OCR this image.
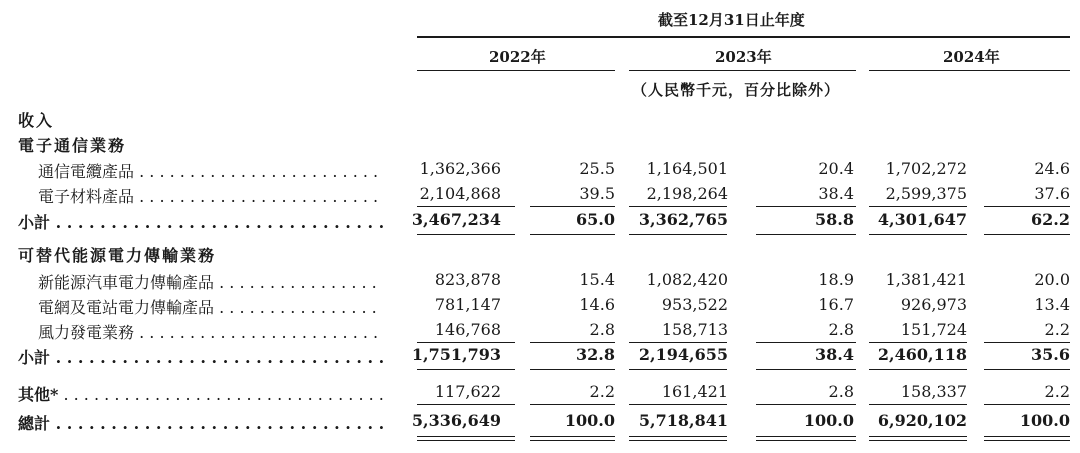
截至12月31日止年度
2022年	2023年	2024年
（人民幣千元，百分比除外）
收入
電子通信業務
通信電纜產品 . . .	1,362,366	25.5 1,164,501	20.4 1,702,272	24.6
電子材料產品 . . .	2,104,868	39.5 2,198,264	38.4 2,599,375	37.6
小計 . . .	3,467,234	65.0 3,362,765	58.8 4,301,647	62.2
可替代能源電力傳輸業務
新能源汽車電力傳輸產品 . . .	823,878	15.4 1,082,420	18.9 1,381,421	20.0
電網及電站電力傳輸產品 . . .	781,147	14.6	953,522	16.7	926,973	13.4
風力發電業務 . . .	146,768	2.8	158,713	2.8	151,724	2.2
小計 . . .	1,751,793	32.8 2,194,655	38.4 2,460,118	35.6
其他* . . .	117,622	2.2	161,421	2.8	158,337	2.2
總計 . . .	5,336,649	100.0 5,718,841	100.0 6,920,102	100.0
